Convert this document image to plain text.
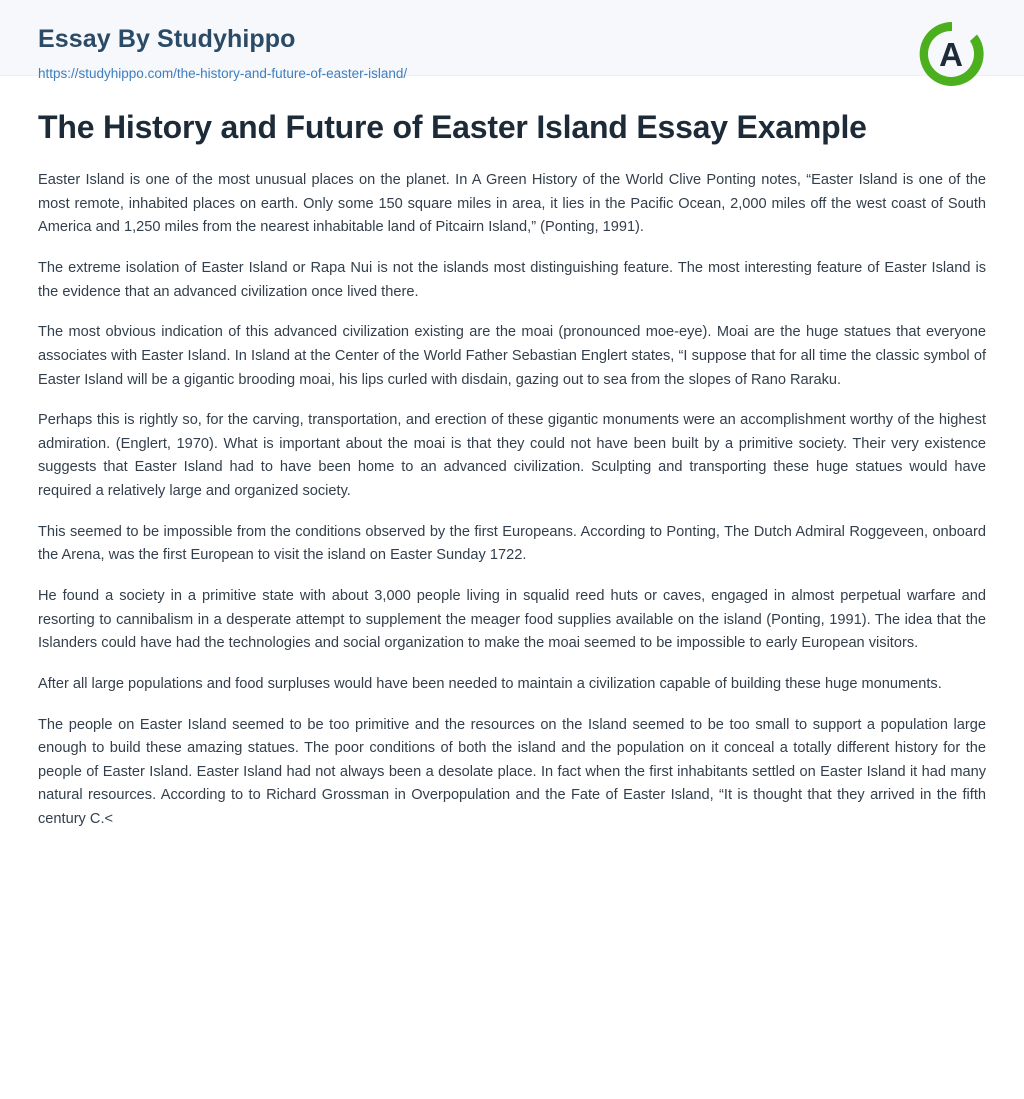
Essay By Studyhippo
https://studyhippo.com/the-history-and-future-of-easter-island/	A
The History and Future of Easter Island Essay Example

Easter Island is one of the most unusual places on the planet. In A Green History of the World Clive Ponting notes, “Easter Island is one of the most remote, inhabited places on earth. Only some 150 square miles in area, it lies in the Pacific Ocean, 2,000 miles off the west coast of South America and 1,250 miles from the nearest inhabitable land of Pitcairn Island,” (Ponting, 1991).

The extreme isolation of Easter Island or Rapa Nui is not the islands most distinguishing feature. The most interesting feature of Easter Island is the evidence that an advanced civilization once lived there.

The most obvious indication of this advanced civilization existing are the moai (pronounced moe-eye). Moai are the huge statues that everyone associates with Easter Island. In Island at the Center of the World Father Sebastian Englert states, “I suppose that for all time the classic symbol of Easter Island will be a gigantic brooding moai, his lips curled with disdain, gazing out to sea from the slopes of Rano Raraku.

Perhaps this is rightly so, for the carving, transportation, and erection of these gigantic monuments were an accomplishment worthy of the highest admiration. (Englert, 1970). What is important about the moai is that they could not have been built by a primitive society. Their very existence suggests that Easter Island had to have been home to an advanced civilization. Sculpting and transporting these huge statues would have required a relatively large and organized society.

This seemed to be impossible from the conditions observed by the first Europeans. According to Ponting, The Dutch Admiral Roggeveen, onboard the Arena, was the first European to visit the island on Easter Sunday 1722.

He found a society in a primitive state with about 3,000 people living in squalid reed huts or caves, engaged in almost perpetual warfare and resorting to cannibalism in a desperate attempt to supplement the meager food supplies available on the island (Ponting, 1991). The idea that the Islanders could have had the technologies and social organization to make the moai seemed to be impossible to early European visitors.

After all large populations and food surpluses would have been needed to maintain a civilization capable of building these huge monuments.

The people on Easter Island seemed to be too primitive and the resources on the Island seemed to be too small to support a population large enough to build these amazing statues. The poor conditions of both the island and the population on it conceal a totally different history for the people of Easter Island. Easter Island had not always been a desolate place. In fact when the first inhabitants settled on Easter Island it had many natural resources. According to to Richard Grossman in Overpopulation and the Fate of Easter Island, “It is thought that they arrived in the fifth century C.<
